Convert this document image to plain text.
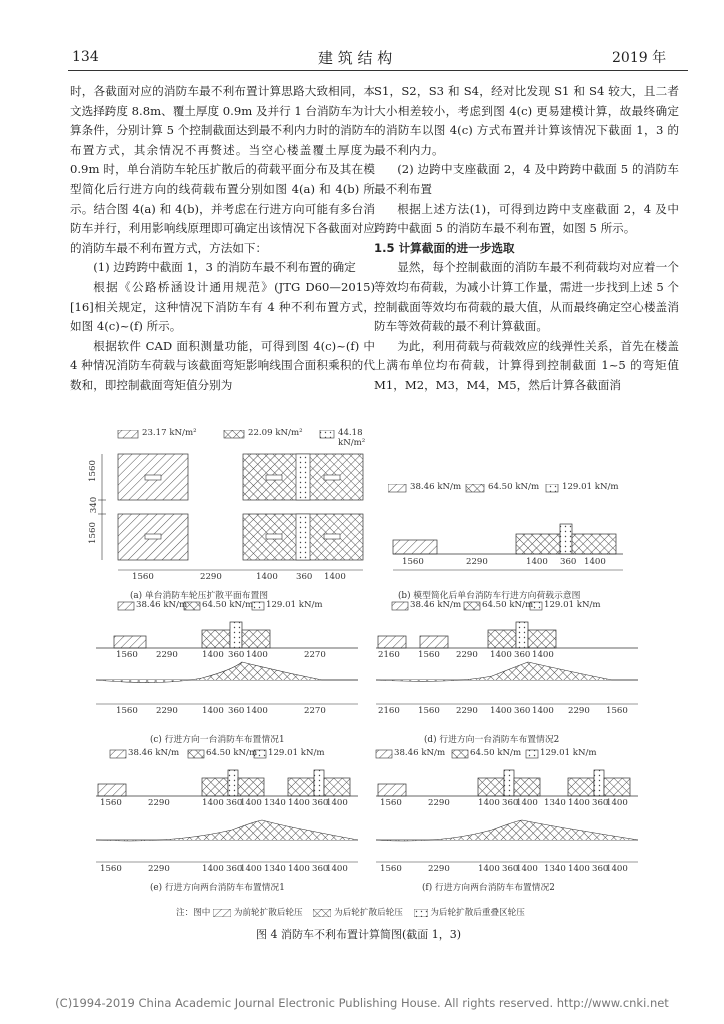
134	建 筑 结 构	2019 年

时，各截面对应的消防车最不利布置计算思路大致相同，本文选择跨度 8.8m、覆土厚度 0.9m 及并行 1 台消防车为计算条件，分别计算 5 个控制截面达到最不利内力时的消防车布置方式，其余情况不再赘述。当空心楼盖覆土厚度为 0.9m 时，单台消防车轮压扩散后的荷载平面分布及其在模型简化后行进方向的线荷载布置分别如图 4(a) 和 4(b) 所示。结合图 4(a) 和 4(b)，并考虑在行进方向可能有多台消防车并行，利用影响线原理即可确定出该情况下各截面对应的消防车最不利布置方式，方法如下：

(1) 边跨跨中截面 1，3 的消防车最不利布置的确定

根据《公路桥涵设计通用规范》(JTG D60—2015)[16]相关规定，这种情况下消防车有 4 种不利布置方式，如图 4(c)~(f) 所示。

根据软件 CAD 面积测量功能，可得到图 4(c)~(f) 中 4 种情况消防车荷载与该截面弯矩影响线围合面积乘积的代数和，即控制截面弯矩值分别为

S1，S2，S3 和 S4，经对比发现 S1 和 S4 较大，且二者大小相差较小，考虑到图 4(c) 更易建模计算，故最终确定的消防车以图 4(c) 方式布置并计算该情况下截面 1，3 的最不利内力。

(2) 边跨中支座截面 2，4 及中跨跨中截面 5 的消防车最不利布置

根据上述方法(1)，可得到边跨中支座截面 2，4 及中跨跨中截面 5 的消防车最不利布置，如图 5 所示。

1.5 计算截面的进一步选取

显然，每个控制截面的消防车最不利荷载均对应着一个等效均布荷载，为减小计算工作量，需进一步找到上述 5 个控制截面等效均布荷载的最大值，从而最终确定空心楼盖消防车等效荷载的最不利计算截面。

为此，利用荷载与荷载效应的线弹性关系，首先在楼盖上满布单位均布荷载，计算得到控制截面 1~5 的弯矩值 M1，M2，M3，M4，M5，然后计算各截面消

23.17 kN/m²	22.09 kN/m²	44.18 kN/m²
1560
340
1560
1560	2290	1400 360 1400
(a) 单台消防车轮压扩散平面布置图
38.46 kN/m	64.50 kN/m	129.01 kN/m
1560	2290	1400 360 1400
(b) 模型简化后单台消防车行进方向荷载示意图
38.46 kN/m 64.50 kN/m 129.01 kN/m
1560 2290	1400 360 1400	2270
1560 2290	1400 360 1400	2270
(c) 行进方向一台消防车布置情况1
38.46 kN/m 64.50 kN/m 129.01 kN/m
2160 1560 2290 1400 360 1400
2160 1560 2290 1400 360 1400 2290 1560
(d) 行进方向一台消防车布置情况2
38.46 kN/m	64.50 kN/m 129.01 kN/m
1560	2290	1400 360
1400 1340 1400 360
1400
1560	2290	1400 360
1400 1340 1400 360
1400
(e) 行进方向两台消防车布置情况1
38.46 kN/m	64.50 kN/m 129.01 kN/m
1560	2290	1400 360
1400 1340 1400 360
1400
1560	2290	1400 360
1400 1340 1400 360
1400
(f) 行进方向两台消防车布置情况2
注：图中	为前轮扩散后轮压	为后轮扩散后轮压	为后轮扩散后重叠区轮压
图 4 消防车不利布置计算简图(截面 1，3)
(C)1994-2019 China Academic Journal Electronic Publishing House. All rights reserved. http://www.cnki.net
